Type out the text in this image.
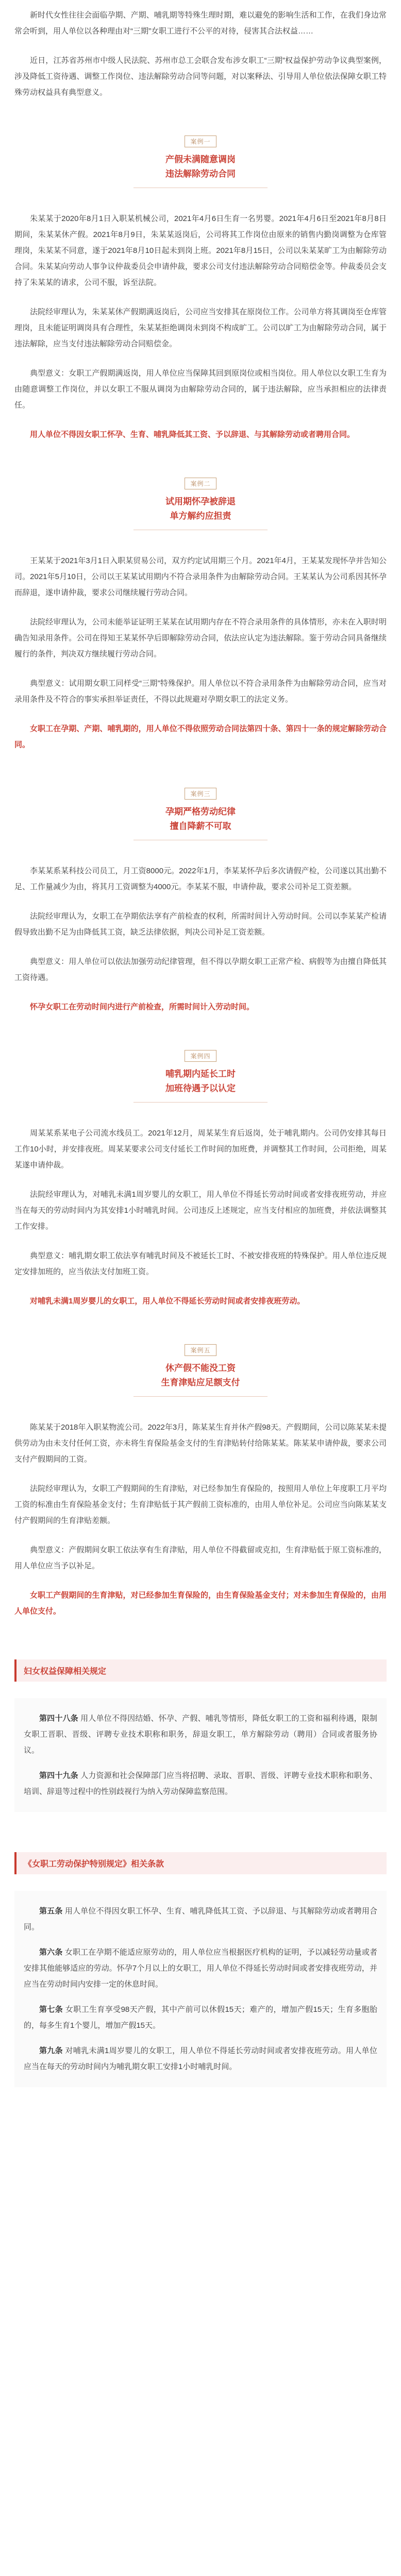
新时代女性往往会面临孕期、产期、哺乳期等特殊生理时期，难以避免的影响生活和工作，在我们身边常常会听到，用人单位以各种理由对“三期”女职工进行不公平的对待，侵害其合法权益……

近日，江苏省苏州市中级人民法院、苏州市总工会联合发布涉女职工“三期”权益保护劳动争议典型案例，涉及降低工资待遇、调整工作岗位、违法解除劳动合同等问题，对以案释法、引导用人单位依法保障女职工特殊劳动权益具有典型意义。

案例一
产假未满随意调岗
违法解除劳动合同

朱某某于2020年8月1日入职某机械公司，2021年4月6日生育一名男婴。2021年4月6日至2021年8月8日期间，朱某某休产假。2021年8月9日，朱某某返岗后，公司将其工作岗位由原来的销售内勤岗调整为仓库管理岗，朱某某不同意，遂于2021年8月10日起未到岗上班。2021年8月15日，公司以朱某某旷工为由解除劳动合同。朱某某向劳动人事争议仲裁委员会申请仲裁，要求公司支付违法解除劳动合同赔偿金等。仲裁委员会支持了朱某某的请求，公司不服，诉至法院。

法院经审理认为，朱某某休产假期满返岗后，公司应当安排其在原岗位工作。公司单方将其调岗至仓库管理岗，且未能证明调岗具有合理性，朱某某拒绝调岗未到岗不构成旷工。公司以旷工为由解除劳动合同，属于违法解除，应当支付违法解除劳动合同赔偿金。

典型意义：女职工产假期满返岗，用人单位应当保障其回到原岗位或相当岗位。用人单位以女职工生育为由随意调整工作岗位，并以女职工不服从调岗为由解除劳动合同的，属于违法解除，应当承担相应的法律责任。

用人单位不得因女职工怀孕、生育、哺乳降低其工资、予以辞退、与其解除劳动或者聘用合同。

案例二
试用期怀孕被辞退
单方解约应担责

王某某于2021年3月1日入职某贸易公司，双方约定试用期三个月。2021年4月，王某某发现怀孕并告知公司。2021年5月10日，公司以王某某试用期内不符合录用条件为由解除劳动合同。王某某认为公司系因其怀孕而辞退，遂申请仲裁，要求公司继续履行劳动合同。

法院经审理认为，公司未能举证证明王某某在试用期内存在不符合录用条件的具体情形，亦未在入职时明确告知录用条件。公司在得知王某某怀孕后即解除劳动合同，依法应认定为违法解除。鉴于劳动合同具备继续履行的条件，判决双方继续履行劳动合同。

典型意义：试用期女职工同样受“三期”特殊保护。用人单位以不符合录用条件为由解除劳动合同，应当对录用条件及不符合的事实承担举证责任，不得以此规避对孕期女职工的法定义务。

女职工在孕期、产期、哺乳期的，用人单位不得依照劳动合同法第四十条、第四十一条的规定解除劳动合同。

案例三
孕期严格劳动纪律
擅自降薪不可取

李某某系某科技公司员工，月工资8000元。2022年1月，李某某怀孕后多次请假产检，公司遂以其出勤不足、工作量减少为由，将其月工资调整为4000元。李某某不服，申请仲裁，要求公司补足工资差额。

法院经审理认为，女职工在孕期依法享有产前检查的权利，所需时间计入劳动时间。公司以李某某产检请假导致出勤不足为由降低其工资，缺乏法律依据，判决公司补足工资差额。

典型意义：用人单位可以依法加强劳动纪律管理，但不得以孕期女职工正常产检、病假等为由擅自降低其工资待遇。

怀孕女职工在劳动时间内进行产前检查，所需时间计入劳动时间。

案例四
哺乳期内延长工时
加班待遇予以认定

周某某系某电子公司流水线员工。2021年12月，周某某生育后返岗，处于哺乳期内。公司仍安排其每日工作10小时，并安排夜班。周某某要求公司支付延长工作时间的加班费，并调整其工作时间，公司拒绝，周某某遂申请仲裁。

法院经审理认为，对哺乳未满1周岁婴儿的女职工，用人单位不得延长劳动时间或者安排夜班劳动，并应当在每天的劳动时间内为其安排1小时哺乳时间。公司违反上述规定，应当支付相应的加班费，并依法调整其工作安排。

典型意义：哺乳期女职工依法享有哺乳时间及不被延长工时、不被安排夜班的特殊保护。用人单位违反规定安排加班的，应当依法支付加班工资。

对哺乳未满1周岁婴儿的女职工，用人单位不得延长劳动时间或者安排夜班劳动。

案例五
休产假不能没工资
生育津贴应足额支付

陈某某于2018年入职某物流公司。2022年3月，陈某某生育并休产假98天。产假期间，公司以陈某某未提供劳动为由未支付任何工资，亦未将生育保险基金支付的生育津贴转付给陈某某。陈某某申请仲裁，要求公司支付产假期间的工资。

法院经审理认为，女职工产假期间的生育津贴，对已经参加生育保险的，按照用人单位上年度职工月平均工资的标准由生育保险基金支付；生育津贴低于其产假前工资标准的，由用人单位补足。公司应当向陈某某支付产假期间的生育津贴差额。

典型意义：产假期间女职工依法享有生育津贴，用人单位不得截留或克扣，生育津贴低于原工资标准的，用人单位应当予以补足。

女职工产假期间的生育津贴，对已经参加生育保险的，由生育保险基金支付；对未参加生育保险的，由用人单位支付。

妇女权益保障相关规定

第四十八条 用人单位不得因结婚、怀孕、产假、哺乳等情形，降低女职工的工资和福利待遇，限制女职工晋职、晋级、评聘专业技术职称和职务，辞退女职工，单方解除劳动（聘用）合同或者服务协议。

第四十九条 人力资源和社会保障部门应当将招聘、录取、晋职、晋级、评聘专业技术职称和职务、培训、辞退等过程中的性别歧视行为纳入劳动保障监察范围。

《女职工劳动保护特别规定》相关条款

第五条 用人单位不得因女职工怀孕、生育、哺乳降低其工资、予以辞退、与其解除劳动或者聘用合同。

第六条 女职工在孕期不能适应原劳动的，用人单位应当根据医疗机构的证明，予以减轻劳动量或者安排其他能够适应的劳动。怀孕7个月以上的女职工，用人单位不得延长劳动时间或者安排夜班劳动，并应当在劳动时间内安排一定的休息时间。

第七条 女职工生育享受98天产假，其中产前可以休假15天；难产的，增加产假15天；生育多胞胎的，每多生育1个婴儿，增加产假15天。

第九条 对哺乳未满1周岁婴儿的女职工，用人单位不得延长劳动时间或者安排夜班劳动。用人单位应当在每天的劳动时间内为哺乳期女职工安排1小时哺乳时间。
